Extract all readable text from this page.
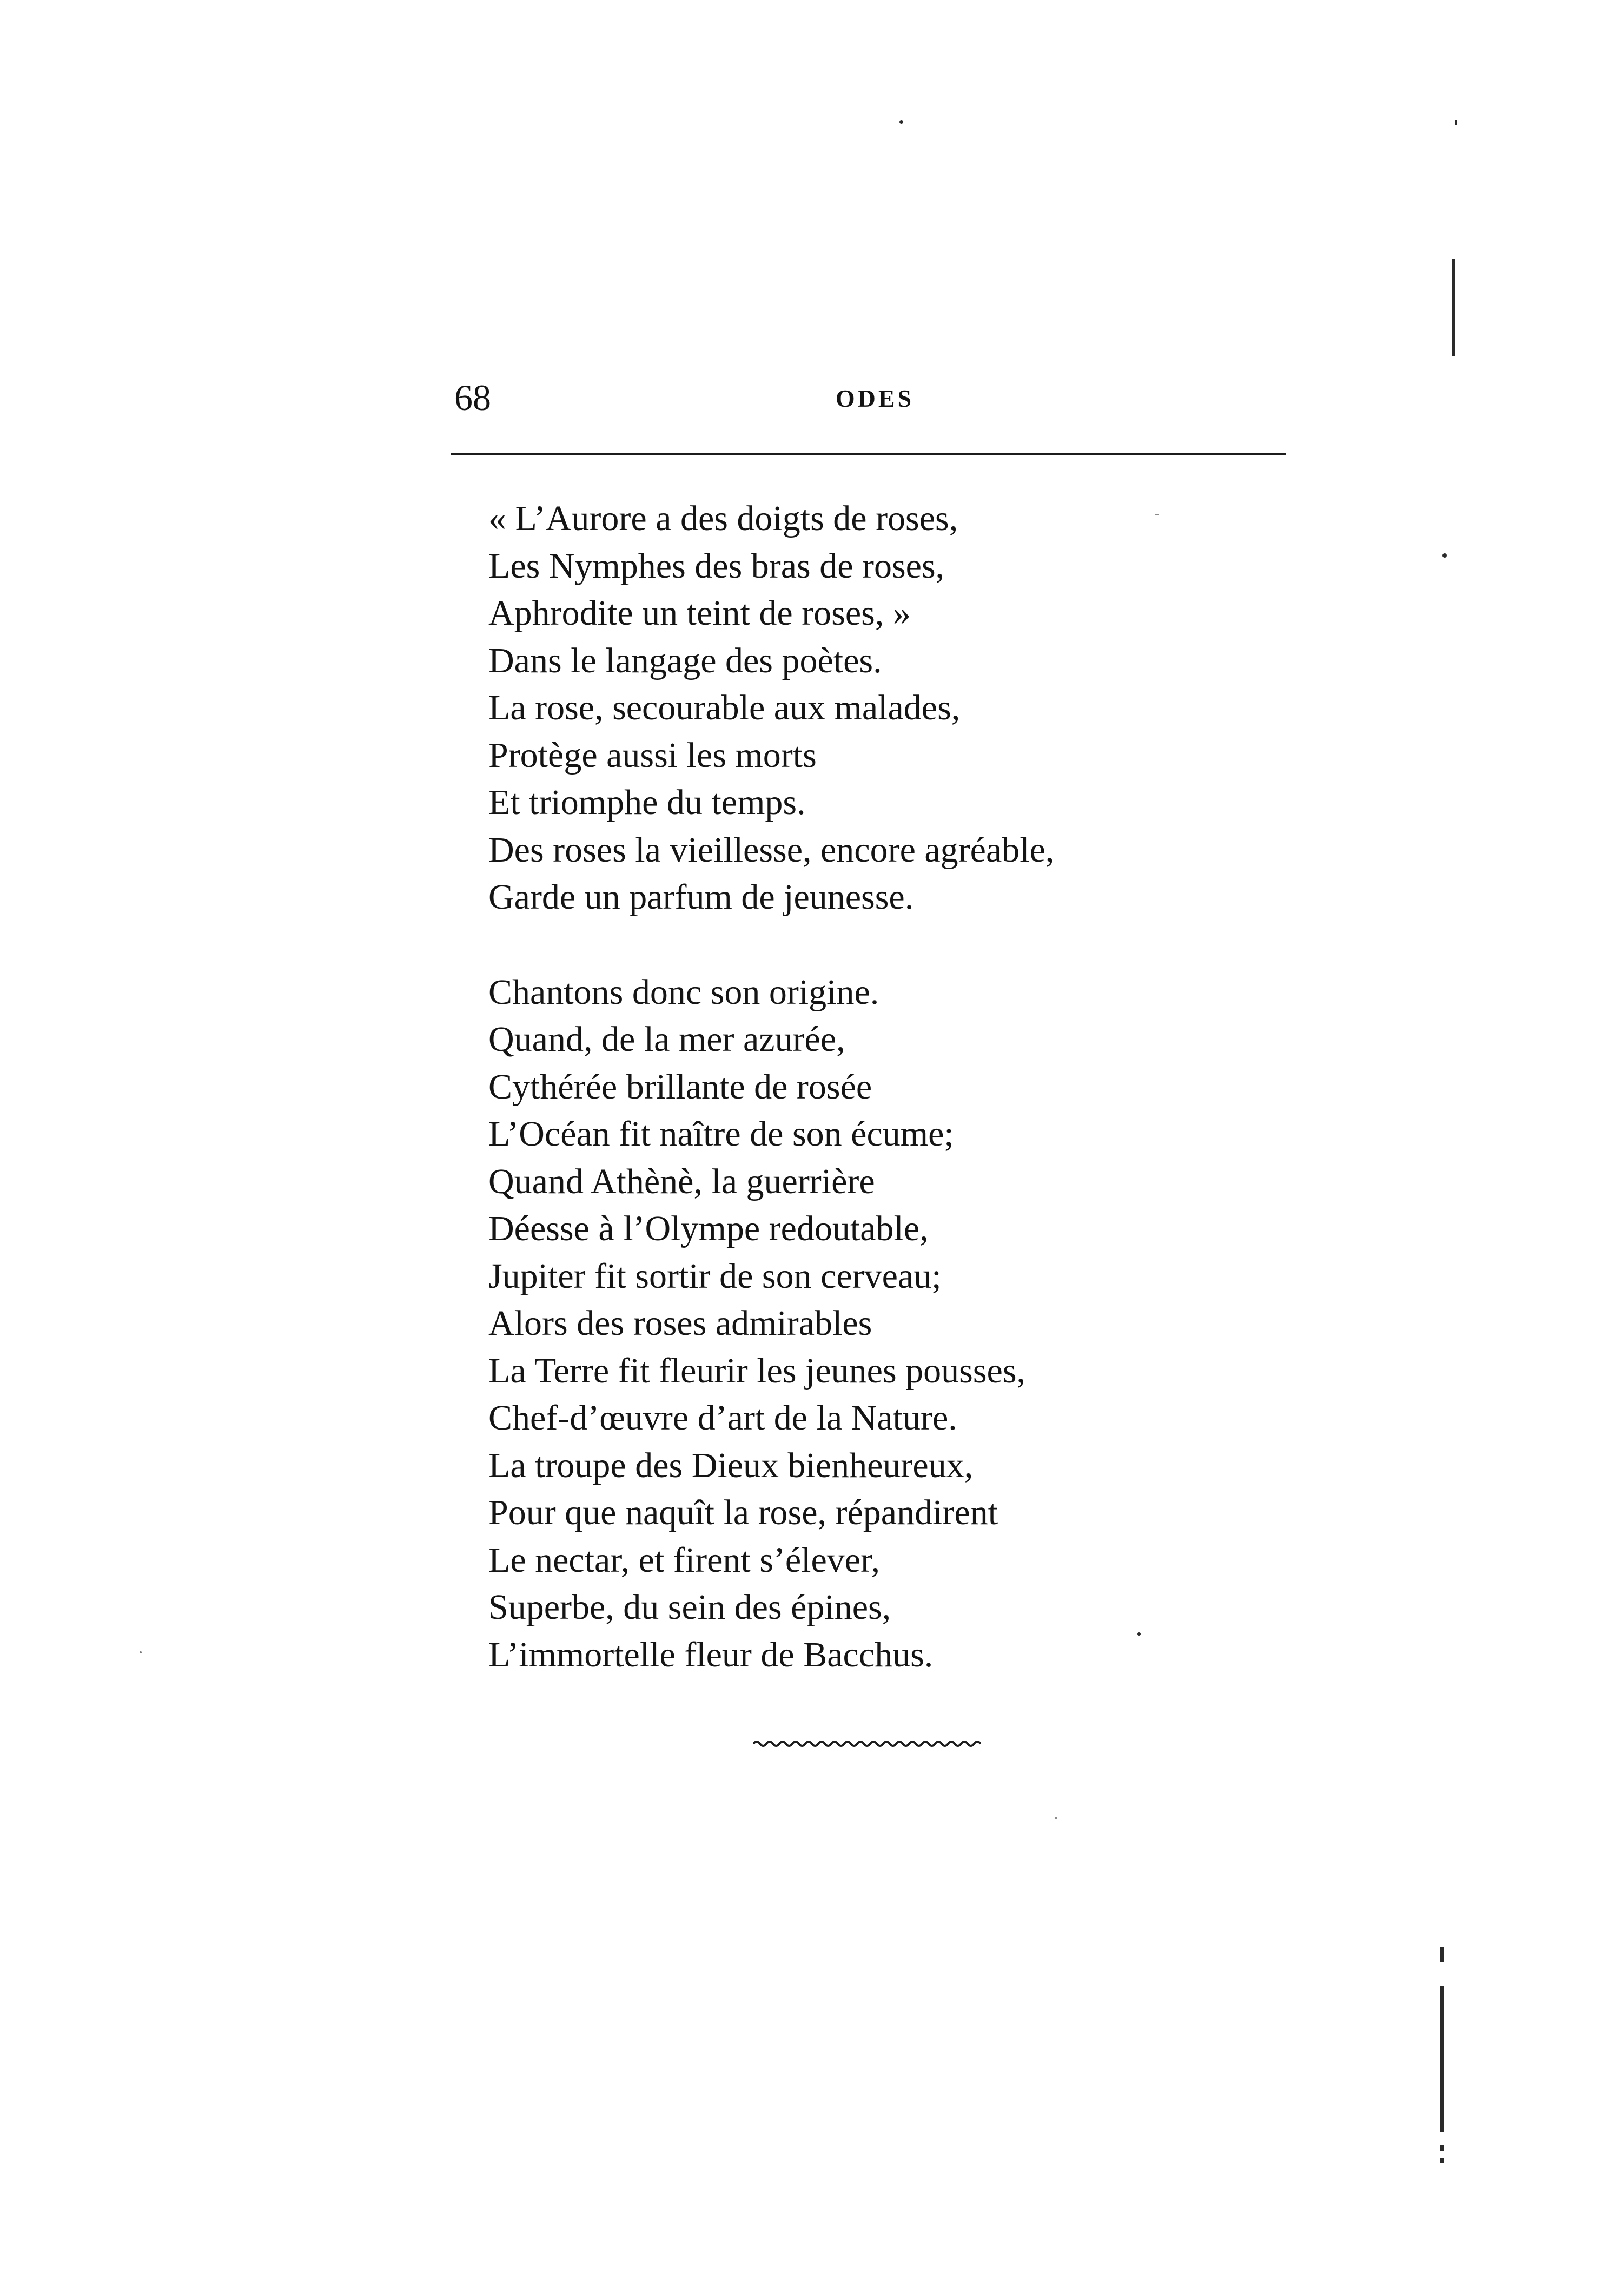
68	ODES
« L’Aurore a des doigts de roses,
Les Nymphes des bras de roses,
Aphrodite un teint de roses, »
Dans le langage des poètes.
La rose, secourable aux malades,
Protège aussi les morts
Et triomphe du temps.
Des roses la vieillesse, encore agréable,
Garde un parfum de jeunesse.
Chantons donc son origine.
Quand, de la mer azurée,
Cythérée brillante de rosée
L’Océan fit naître de son écume;
Quand Athènè, la guerrière
Déesse à l’Olympe redoutable,
Jupiter fit sortir de son cerveau;
Alors des roses admirables
La Terre fit fleurir les jeunes pousses,
Chef-d’œuvre d’art de la Nature.
La troupe des Dieux bienheureux,
Pour que naquît la rose, répandirent
Le nectar, et firent s’élever,
Superbe, du sein des épines,
L’immortelle fleur de Bacchus.
